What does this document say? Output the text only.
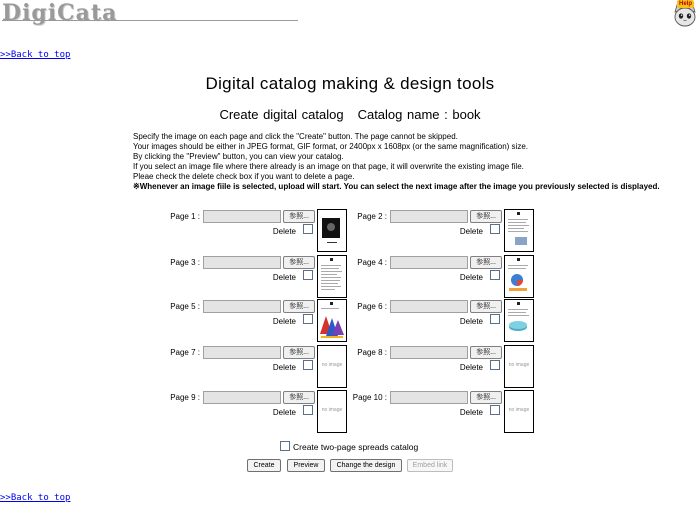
DigiCata	Help
>>Back to top
Digital catalog making & design tools
Create digital catalog Catalog name : book
Specify the image on each page and click the "Create" button. The page cannot be skipped.
Your images should be either in JPEG format, GIF format, or 2400px x 1608px (or the same magnification) size.
By clicking the "Preview" button, you can view your catalog.
If you select an image file where there already is an image on that page, it will overwrite the existing image file.
Pleae check the delete check box if you want to delete a page.
※Whenever an image fiile is selected, upload will start. You can select the next image after the image you previously selected is displayed.
Page 1 :	参照...
Delete
Page 2 :	参照...
Delete
Page 3 :	参照...
Delete
Page 4 :	参照...
Delete
Page 5 :	参照...
Delete
Page 6 :	参照...
Delete
Page 7 :	参照...
Delete	no image
Page 8 :	参照...
Delete	no image
Page 9 :	参照...
Delete	no image
Page 10 :	参照...
Delete	no image
Create two-page spreads catalog
Create	Preview	Change the design	Embed link
>>Back to top
